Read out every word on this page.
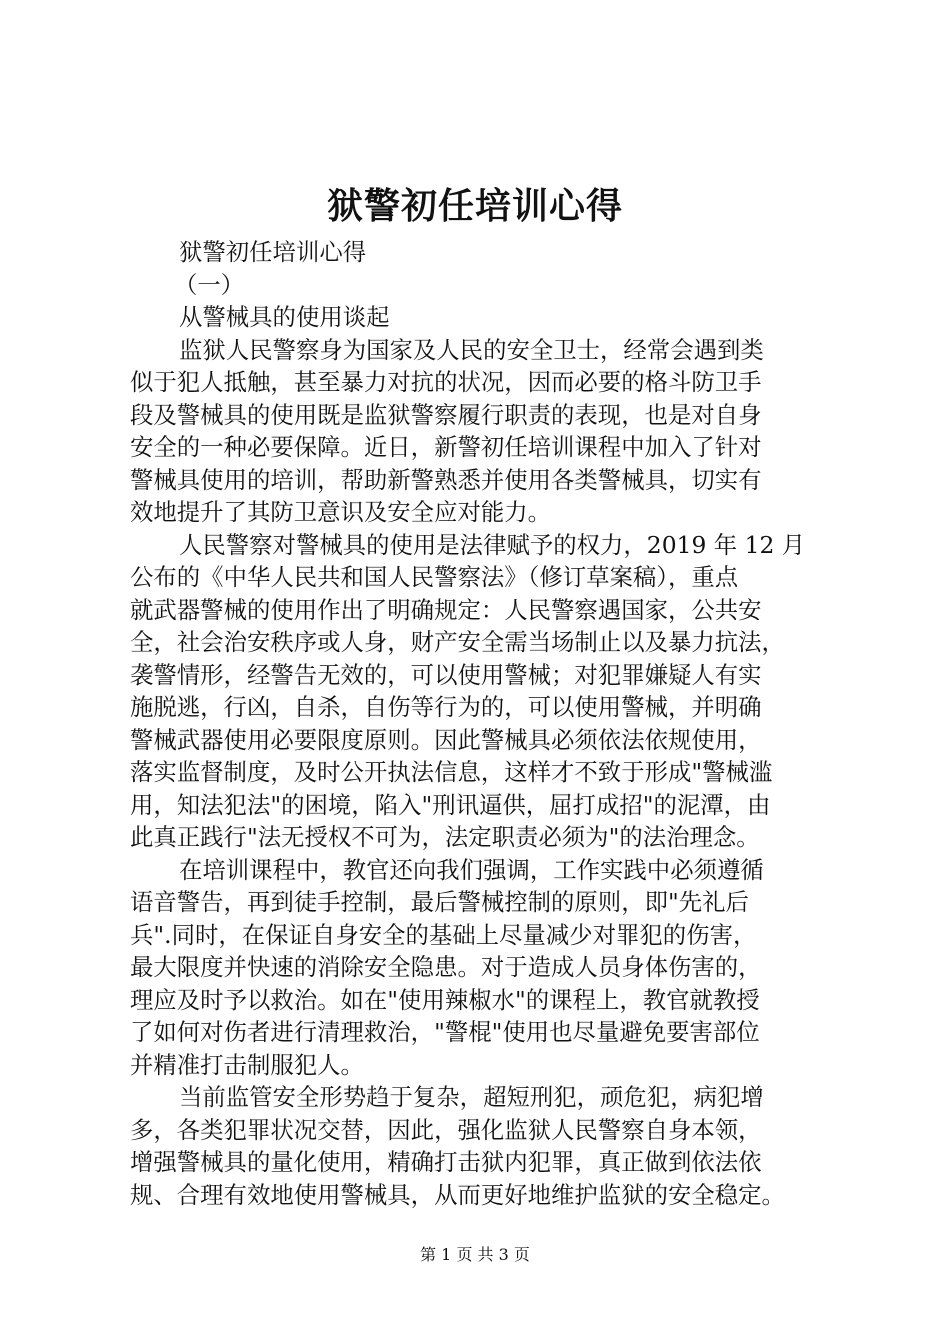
狱警初任培训心得
狱警初任培训心得
（一）
从警械具的使用谈起
监狱人民警察身为国家及人民的安全卫士，经常会遇到类
似于犯人抵触，甚至暴力对抗的状况，因而必要的格斗防卫手
段及警械具的使用既是监狱警察履行职责的表现，也是对自身
安全的一种必要保障。近日，新警初任培训课程中加入了针对
警械具使用的培训，帮助新警熟悉并使用各类警械具，切实有
效地提升了其防卫意识及安全应对能力。
人民警察对警械具的使用是法律赋予的权力，2019 年 12 月
公布的《中华人民共和国人民警察法》（修订草案稿），重点
就武器警械的使用作出了明确规定：人民警察遇国家，公共安
全，社会治安秩序或人身，财产安全需当场制止以及暴力抗法，
袭警情形，经警告无效的，可以使用警械；对犯罪嫌疑人有实
施脱逃，行凶，自杀，自伤等行为的，可以使用警械，并明确
警械武器使用必要限度原则。因此警械具必须依法依规使用，
落实监督制度，及时公开执法信息，这样才不致于形成"警械滥
用，知法犯法"的困境，陷入"刑讯逼供，屈打成招"的泥潭，由
此真正践行"法无授权不可为，法定职责必须为"的法治理念。
在培训课程中，教官还向我们强调，工作实践中必须遵循
语音警告，再到徒手控制，最后警械控制的原则，即"先礼后
兵".同时，在保证自身安全的基础上尽量减少对罪犯的伤害，
最大限度并快速的消除安全隐患。对于造成人员身体伤害的，
理应及时予以救治。如在"使用辣椒水"的课程上，教官就教授
了如何对伤者进行清理救治，"警棍"使用也尽量避免要害部位
并精准打击制服犯人。
当前监管安全形势趋于复杂，超短刑犯，顽危犯，病犯增
多，各类犯罪状况交替，因此，强化监狱人民警察自身本领，
增强警械具的量化使用，精确打击狱内犯罪，真正做到依法依
规、合理有效地使用警械具，从而更好地维护监狱的安全稳定。
第 1 页 共 3 页
